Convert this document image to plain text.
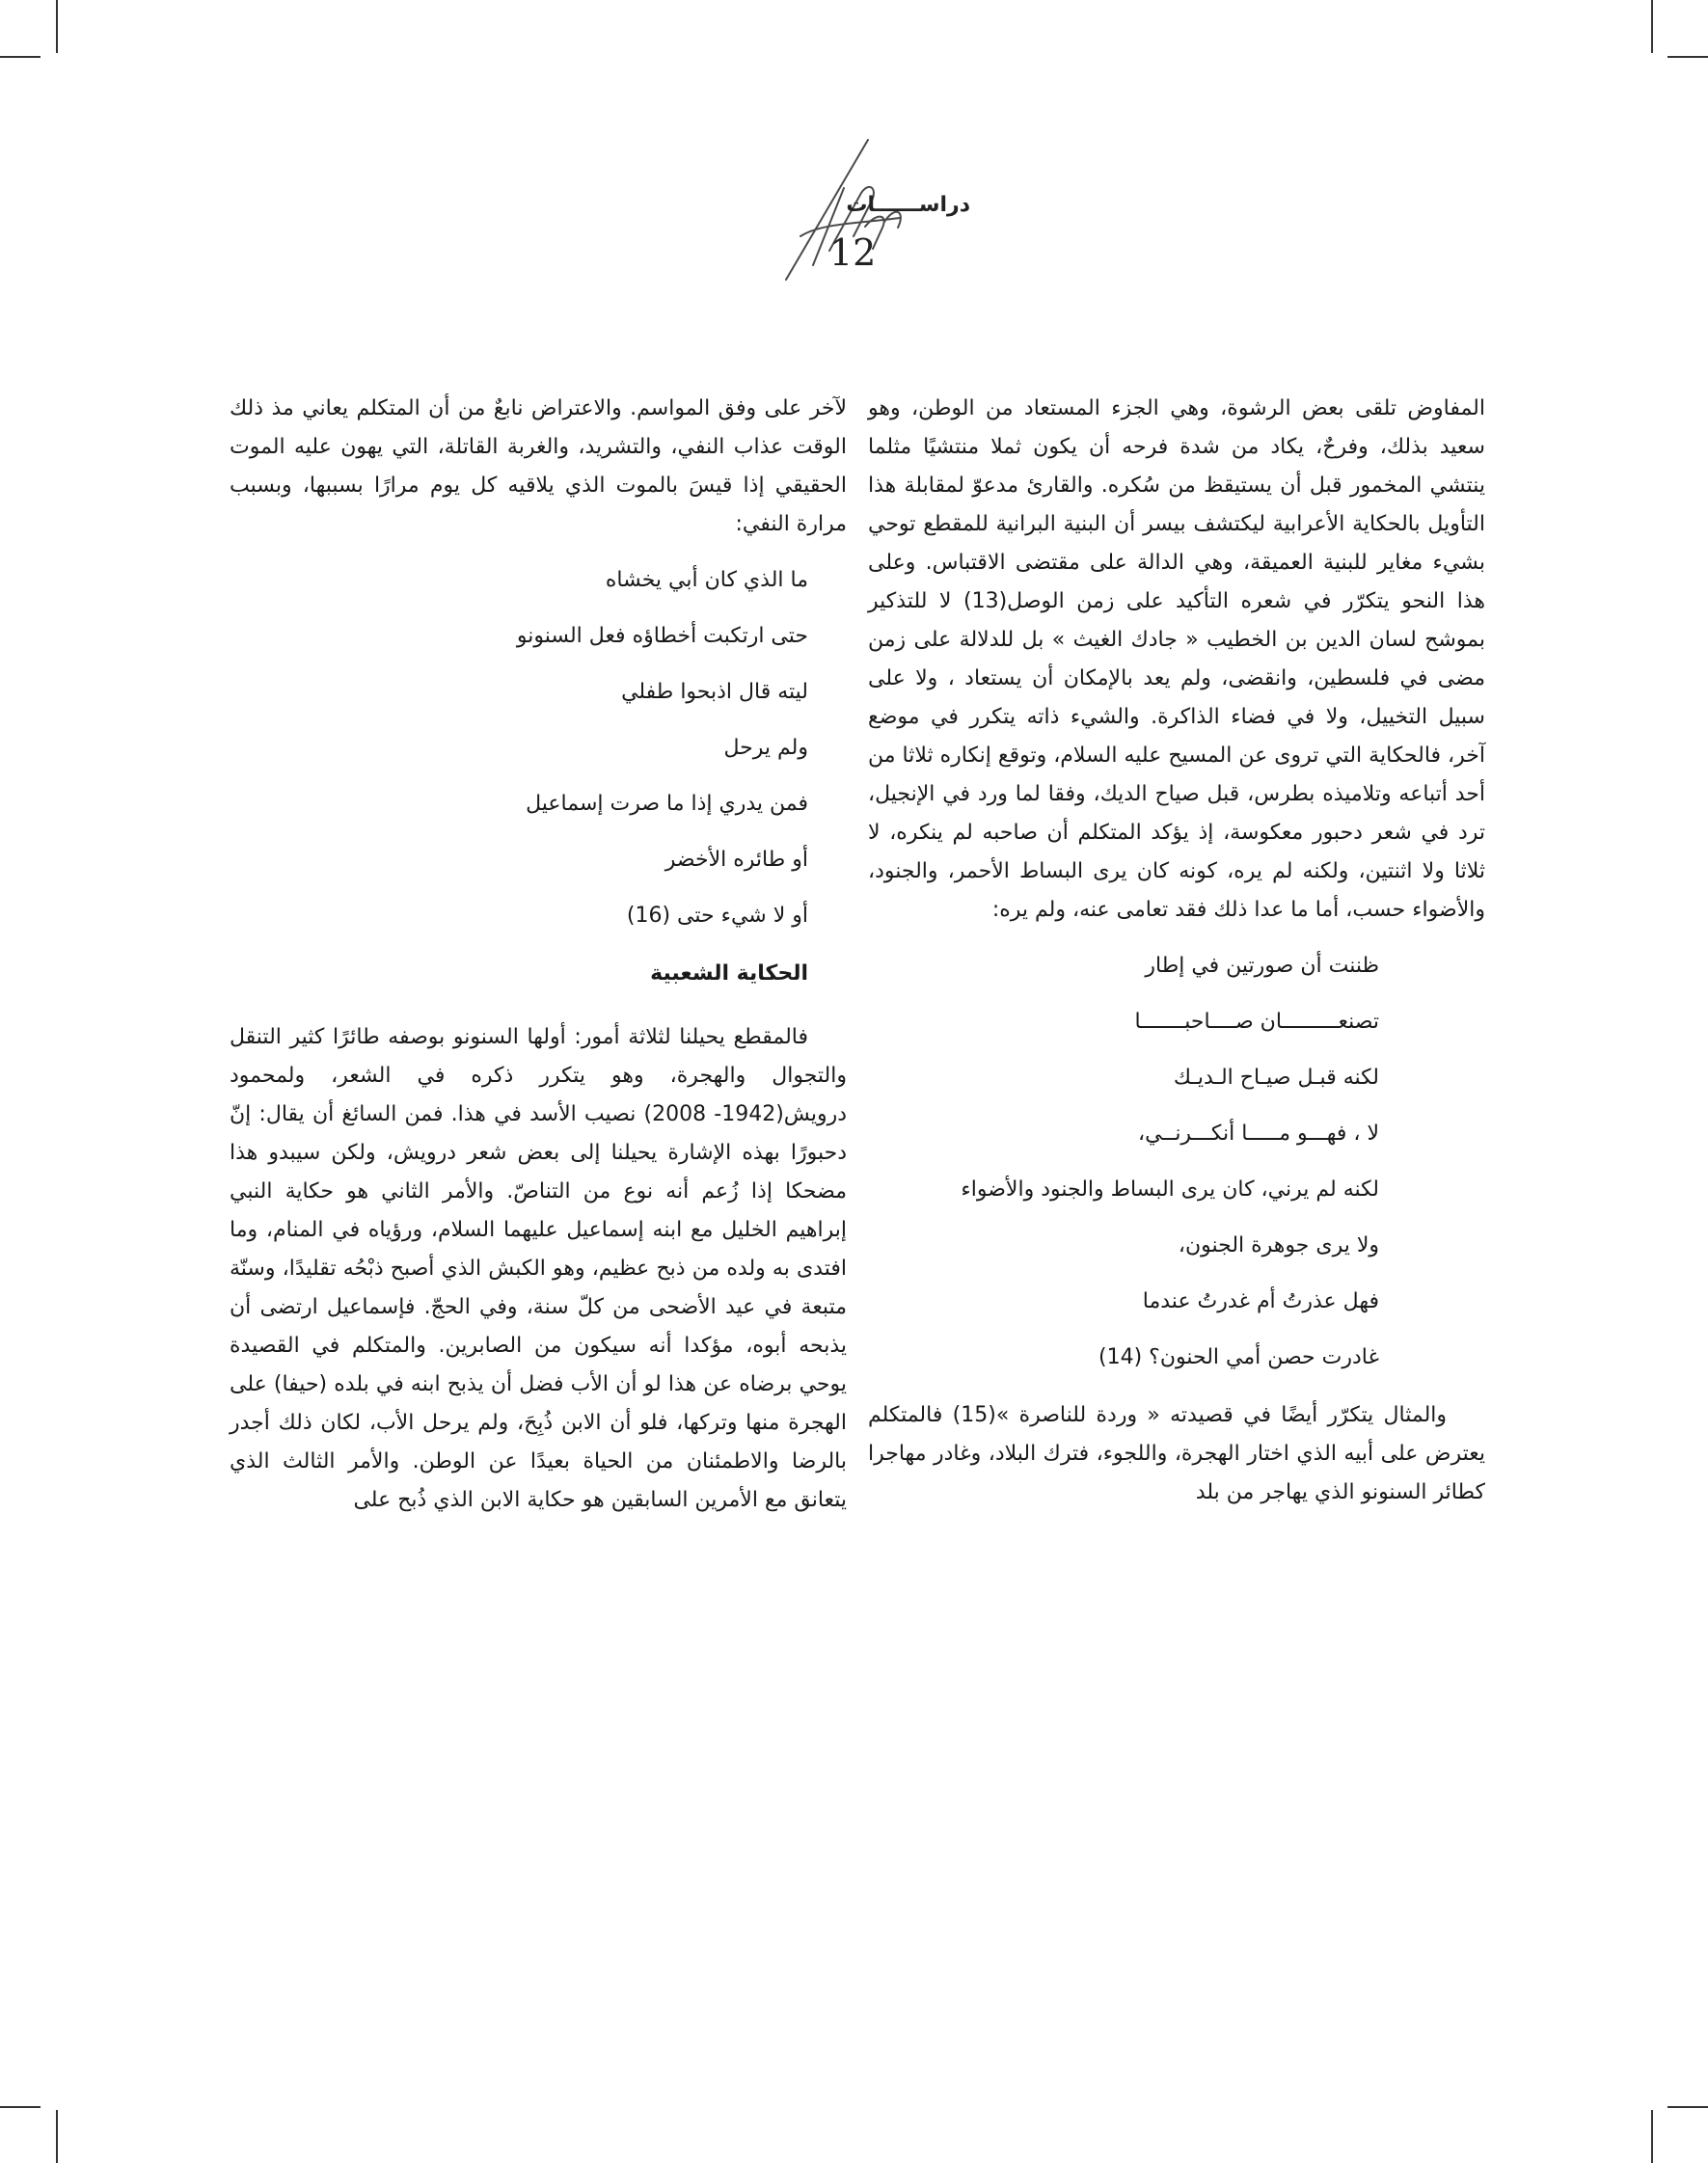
دراســــــات
12

المفاوض تلقى بعض الرشوة، وهي الجزء المستعاد من الوطن، وهو سعيد بذلك، وفرحٌ، يكاد من شدة فرحه أن يكون ثملا منتشيًا مثلما ينتشي المخمور قبل أن يستيقظ من سُكره. والقارئ مدعوّ لمقابلة هذا التأويل بالحكاية الأعرابية ليكتشف بيسر أن البنية البرانية للمقطع توحي بشيء مغاير للبنية العميقة، وهي الدالة على مقتضى الاقتباس. وعلى هذا النحو يتكرّر في شعره التأكيد على زمن الوصل(13) لا للتذكير بموشح لسان الدين بن الخطيب « جادك الغيث » بل للدلالة على زمن مضى في فلسطين، وانقضى، ولم يعد بالإمكان أن يستعاد ، ولا على سبيل التخييل، ولا في فضاء الذاكرة. والشيء ذاته يتكرر في موضع آخر، فالحكاية التي تروى عن المسيح عليه السلام، وتوقع إنكاره ثلاثا من أحد أتباعه وتلاميذه بطرس، قبل صياح الديك، وفقا لما ورد في الإنجيل، ترد في شعر دحبور معكوسة، إذ يؤكد المتكلم أن صاحبه لم ينكره، لا ثلاثا ولا اثنتين، ولكنه لم يره، كونه كان يرى البساط الأحمر، والجنود، والأضواء حسب، أما ما عدا ذلك فقد تعامى عنه، ولم يره:

ظننت أن صورتين في إطار
تصنعـــــــــان صــــاحبـــــــا
لكنه قبـل صيـاح الـديـك
لا ، فهـــو مـــــا أنكـــرنــي،
لكنه لم يرني، كان يرى البساط والجنود والأضواء
ولا يرى جوهرة الجنون،
فهل عذرتُ أم غدرتُ عندما
غادرت حصن أمي الحنون؟ (14)

والمثال يتكرّر أيضًا في قصيدته « وردة للناصرة »(15) فالمتكلم يعترض على أبيه الذي اختار الهجرة، واللجوء، فترك البلاد، وغادر مهاجرا كطائر السنونو الذي يهاجر من بلد

لآخر على وفق المواسم. والاعتراض نابعٌ من أن المتكلم يعاني مذ ذلك الوقت عذاب النفي، والتشريد، والغربة القاتلة، التي يهون عليه الموت الحقيقي إذا قيسَ بالموت الذي يلاقيه كل يوم مرارًا بسببها، وبسبب مرارة النفي:

ما الذي كان أبي يخشاه
حتى ارتكبت أخطاؤه فعل السنونو
ليته قال اذبحوا طفلي
ولم يرحل
فمن يدري إذا ما صرت إسماعيل
أو طائره الأخضر
أو لا شيء حتى (16)

الحكاية الشعبية

فالمقطع يحيلنا لثلاثة أمور: أولها السنونو بوصفه طائرًا كثير التنقل والتجوال والهجرة، وهو يتكرر ذكره في الشعر، ولمحمود درويش(1942- 2008) نصيب الأسد في هذا. فمن السائغ أن يقال: إنّ دحبورًا بهذه الإشارة يحيلنا إلى بعض شعر درويش، ولكن سيبدو هذا مضحكا إذا زُعم أنه نوع من التناصّ. والأمر الثاني هو حكاية النبي إبراهيم الخليل مع ابنه إسماعيل عليهما السلام، ورؤياه في المنام، وما افتدى به ولده من ذبح عظيم، وهو الكبش الذي أصبح ذبْحُه تقليدًا، وسنّة متبعة في عيد الأضحى من كلّ سنة، وفي الحجّ. فإسماعيل ارتضى أن يذبحه أبوه، مؤكدا أنه سيكون من الصابرين. والمتكلم في القصيدة يوحي برضاه عن هذا لو أن الأب فضل أن يذبح ابنه في بلده (حيفا) على الهجرة منها وتركها، فلو أن الابن ذُبِحَ، ولم يرحل الأب، لكان ذلك أجدر بالرضا والاطمئنان من الحياة بعيدًا عن الوطن. والأمر الثالث الذي يتعانق مع الأمرين السابقين هو حكاية الابن الذي ذُبح على
